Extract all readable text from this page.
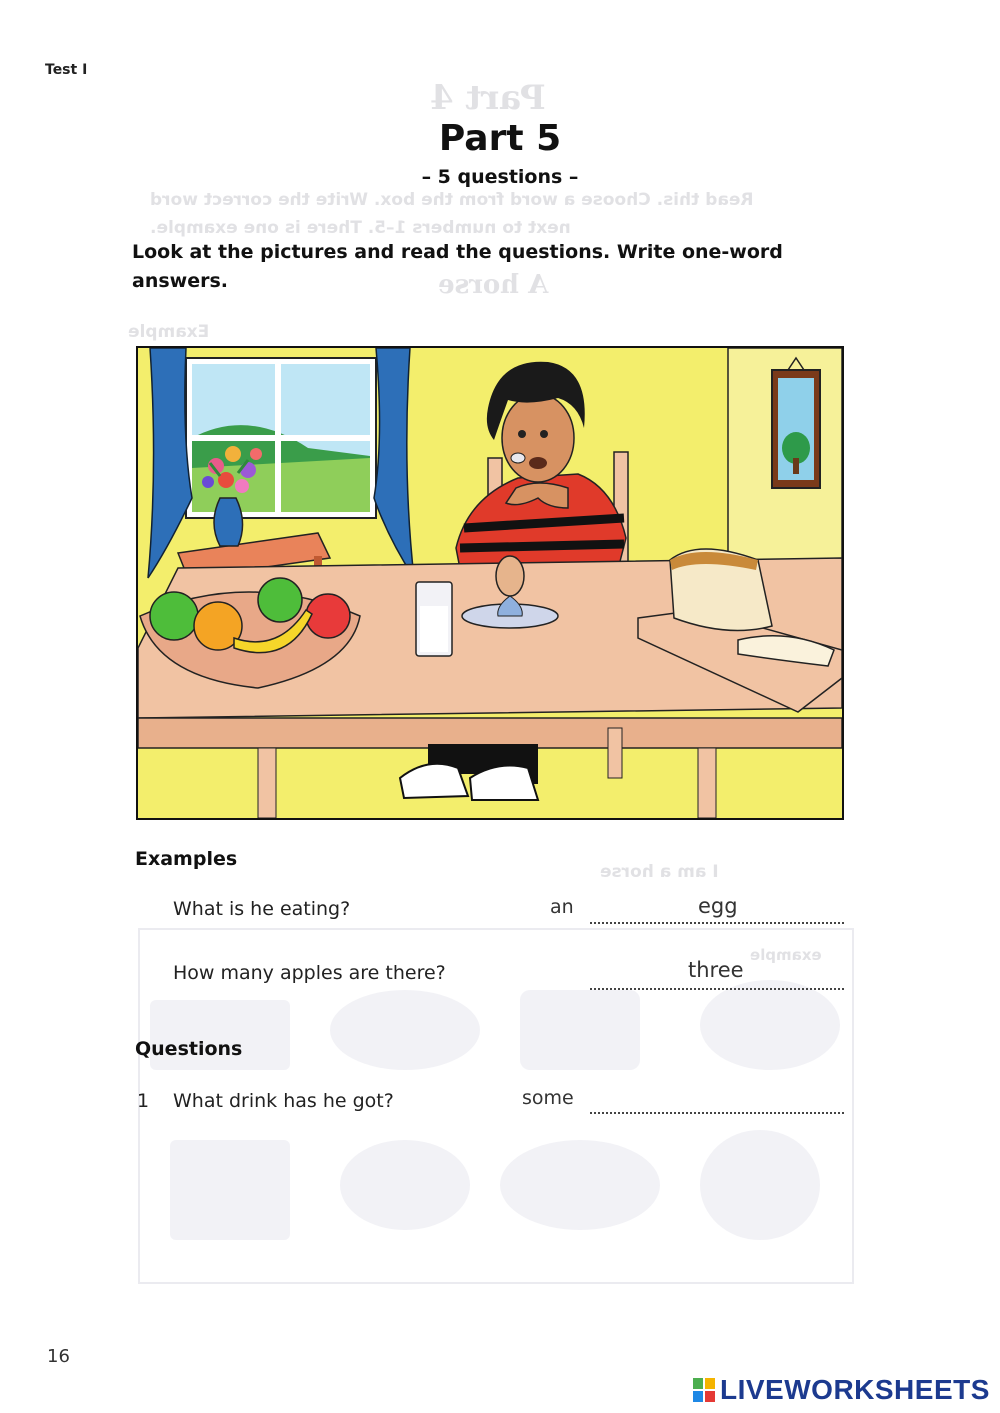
Part 4
Read this. Choose a word from the box. Write the correct word
next to numbers 1–5. There is one example.
A horse
Example
I am a horse
example
Test I
Part 5
– 5 questions –
Look at the pictures and read the questions. Write one-word answers.
Examples
What is he eating?	an	egg
How many apples are there?	three
Questions
1 What drink has he got?	some
16
LIVEWORKSHEETS
